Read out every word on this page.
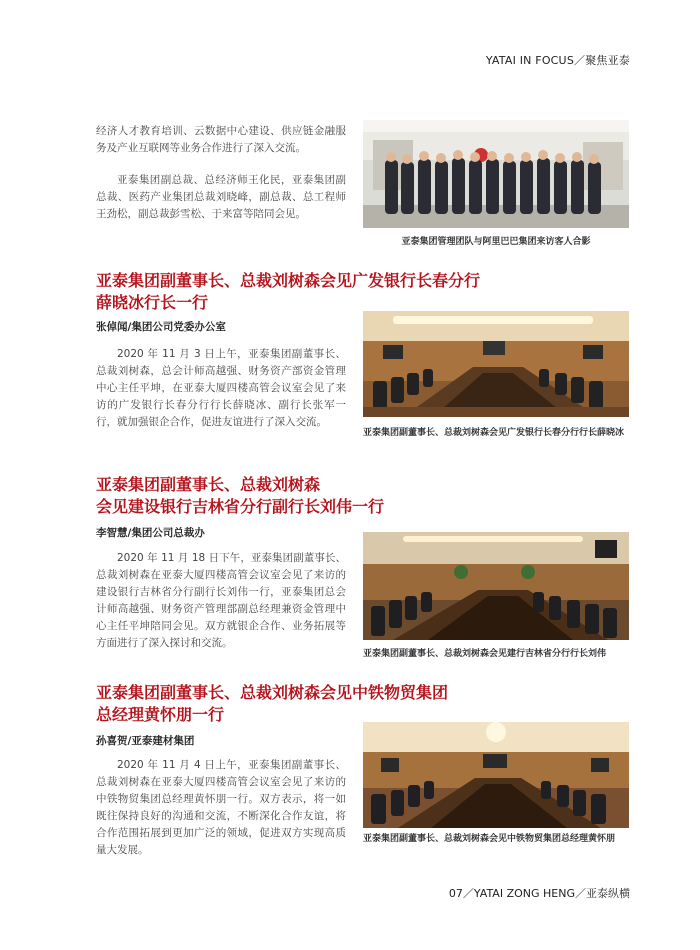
YATAI IN FOCUS／聚焦亚泰

经济人才教育培训、云数据中心建设、供应链金融服务及产业互联网等业务合作进行了深入交流。

亚泰集团副总裁、总经济师王化民，亚泰集团副总裁、医药产业集团总裁刘晓峰，副总裁、总工程师王劲松，副总裁彭雪松、于来富等陪同会见。

亚泰集团管理团队与阿里巴巴集团来访客人合影
亚泰集团副董事长、总裁刘树森会见广发银行长春分行
薛晓冰行长一行
张倬闻/集团公司党委办公室

2020 年 11 月 3 日上午，亚泰集团副董事长、总裁刘树森，总会计师高越强、财务资产部资金管理中心主任平坤，在亚泰大厦四楼高管会议室会见了来访的广发银行长春分行行长薛晓冰、副行长张军一行，就加强银企合作，促进友谊进行了深入交流。

亚泰集团副董事长、总裁刘树森会见广发银行长春分行行长薛晓冰
亚泰集团副董事长、总裁刘树森
会见建设银行吉林省分行副行长刘伟一行
李智慧/集团公司总裁办

2020 年 11 月 18 日下午，亚泰集团副董事长、总裁刘树森在亚泰大厦四楼高管会议室会见了来访的建设银行吉林省分行副行长刘伟一行，亚泰集团总会计师高越强、财务资产管理部副总经理兼资金管理中心主任平坤陪同会见。双方就银企合作、业务拓展等方面进行了深入探讨和交流。

亚泰集团副董事长、总裁刘树森会见建行吉林省分行行长刘伟
亚泰集团副董事长、总裁刘树森会见中铁物贸集团
总经理黄怀朋一行
孙喜贺/亚泰建材集团

2020 年 11 月 4 日上午，亚泰集团副董事长、总裁刘树森在亚泰大厦四楼高管会议室会见了来访的中铁物贸集团总经理黄怀朋一行。双方表示，将一如既往保持良好的沟通和交流，不断深化合作友谊，将合作范围拓展到更加广泛的领域，促进双方实现高质量大发展。

亚泰集团副董事长、总裁刘树森会见中铁物贸集团总经理黄怀朋
07／YATAI ZONG HENG／亚泰纵横
